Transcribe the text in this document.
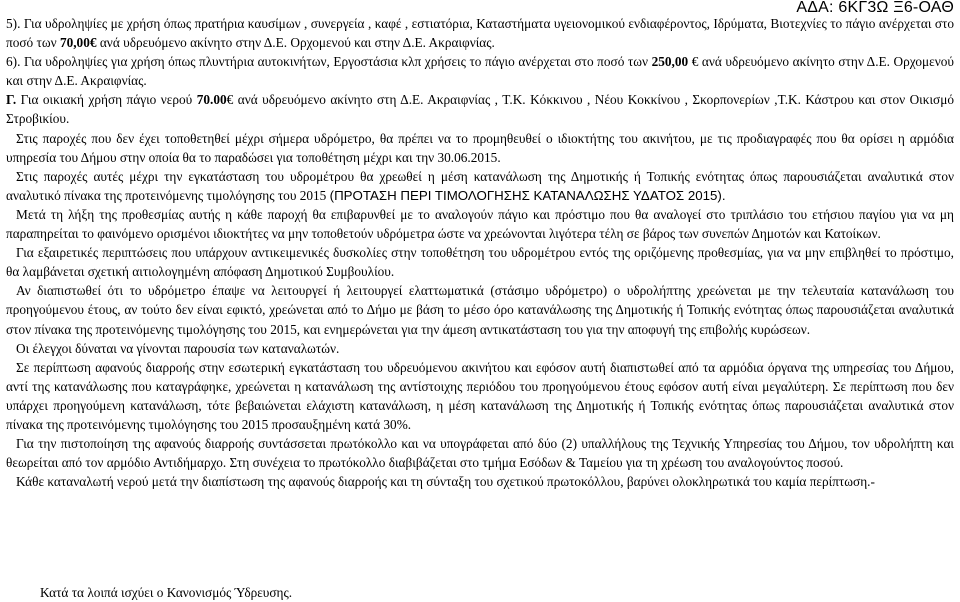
ΑΔΑ: 6ΚΓ3Ω Ξ6-ΟΑΘ

5). Για υδροληψίες με χρήση όπως πρατήρια καυσίμων , συνεργεία , καφέ , εστιατόρια, Καταστήματα υγειονομικού ενδιαφέροντος, Ιδρύματα, Βιοτεχνίες το πάγιο ανέρχεται στο ποσό των 70,00€ ανά υδρευόμενο ακίνητο στην Δ.Ε. Ορχομενού και στην Δ.Ε. Ακραιφνίας.

6). Για υδροληψίες για χρήση όπως πλυντήρια αυτοκινήτων, Εργοστάσια κλπ χρήσεις το πάγιο ανέρχεται στο ποσό των 250,00 € ανά υδρευόμενο ακίνητο στην Δ.Ε. Ορχομενού και στην Δ.Ε. Ακραιφνίας.

Γ. Για οικιακή χρήση πάγιο νερού 70.00€ ανά υδρευόμενο ακίνητο στη Δ.Ε. Ακραιφνίας , Τ.Κ. Κόκκινου , Νέου Κοκκίνου , Σκορπονερίων ,Τ.Κ. Κάστρου και στον Οικισμό Στροβικίου.

Στις παροχές που δεν έχει τοποθετηθεί μέχρι σήμερα υδρόμετρο, θα πρέπει να το προμηθευθεί ο ιδιοκτήτης του ακινήτου, με τις προδιαγραφές που θα ορίσει η αρμόδια υπηρεσία του Δήμου στην οποία θα το παραδώσει για τοποθέτηση μέχρι και την 30.06.2015.

Στις παροχές αυτές μέχρι την εγκατάσταση του υδρομέτρου θα χρεωθεί η μέση κατανάλωση της Δημοτικής ή Τοπικής ενότητας όπως παρουσιάζεται αναλυτικά στον αναλυτικό πίνακα της προτεινόμενης τιμολόγησης του 2015 (ΠΡΟΤΑΣΗ ΠΕΡΙ ΤΙΜΟΛΟΓΗΣΗΣ ΚΑΤΑΝΑΛΩΣΗΣ ΥΔΑΤΟΣ 2015).

Μετά τη λήξη της προθεσμίας αυτής η κάθε παροχή θα επιβαρυνθεί με το αναλογούν πάγιο και πρόστιμο που θα αναλογεί στο τριπλάσιο του ετήσιου παγίου για να μη παραπηρείται το φαινόμενο ορισμένοι ιδιοκτήτες να μην τοποθετούν υδρόμετρα ώστε να χρεώνονται λιγότερα τέλη σε βάρος των συνεπών Δημοτών και Κατοίκων.

Για εξαιρετικές περιπτώσεις που υπάρχουν αντικειμενικές δυσκολίες στην τοποθέτηση του υδρομέτρου εντός της οριζόμενης προθεσμίας, για να μην επιβληθεί το πρόστιμο, θα λαμβάνεται σχετική αιτιολογημένη απόφαση Δημοτικού Συμβουλίου.

Αν διαπιστωθεί ότι το υδρόμετρο έπαψε να λειτουργεί ή λειτουργεί ελαττωματικά (στάσιμο υδρόμετρο) ο υδρολήπτης χρεώνεται με την τελευταία κατανάλωση του προηγούμενου έτους, αν τούτο δεν είναι εφικτό, χρεώνεται από το Δήμο με βάση το μέσο όρο κατανάλωσης της Δημοτικής ή Τοπικής ενότητας όπως παρουσιάζεται αναλυτικά στον πίνακα της προτεινόμενης τιμολόγησης του 2015, και ενημερώνεται για την άμεση αντικατάσταση του για την αποφυγή της επιβολής κυρώσεων.

Οι έλεγχοι δύναται να γίνονται παρουσία των καταναλωτών.

Σε περίπτωση αφανούς διαρροής στην εσωτερική εγκατάσταση του υδρευόμενου ακινήτου και εφόσον αυτή διαπιστωθεί από τα αρμόδια όργανα της υπηρεσίας του Δήμου, αντί της κατανάλωσης που καταγράφηκε, χρεώνεται η κατανάλωση της αντίστοιχης περιόδου του προηγούμενου έτους εφόσον αυτή είναι μεγαλύτερη. Σε περίπτωση που δεν υπάρχει προηγούμενη κατανάλωση, τότε βεβαιώνεται ελάχιστη κατανάλωση, η μέση κατανάλωση της Δημοτικής ή Τοπικής ενότητας όπως παρουσιάζεται αναλυτικά στον πίνακα της προτεινόμενης τιμολόγησης του 2015 προσαυξημένη κατά 30%.

Για την πιστοποίηση της αφανούς διαρροής συντάσσεται πρωτόκολλο και να υπογράφεται από δύο (2) υπαλλήλους της Τεχνικής Υπηρεσίας του Δήμου, τον υδρολήπτη και θεωρείται από τον αρμόδιο Αντιδήμαρχο. Στη συνέχεια το πρωτόκολλο διαβιβάζεται στο τμήμα Εσόδων & Ταμείου για τη χρέωση του αναλογούντος ποσού.

Κάθε καταναλωτή νερού μετά την διαπίστωση της αφανούς διαρροής και τη σύνταξη του σχετικού πρωτοκόλλου, βαρύνει ολοκληρωτικά του καμία περίπτωση.-

Κατά τα λοιπά ισχύει ο Κανονισμός Ύδρευσης.
